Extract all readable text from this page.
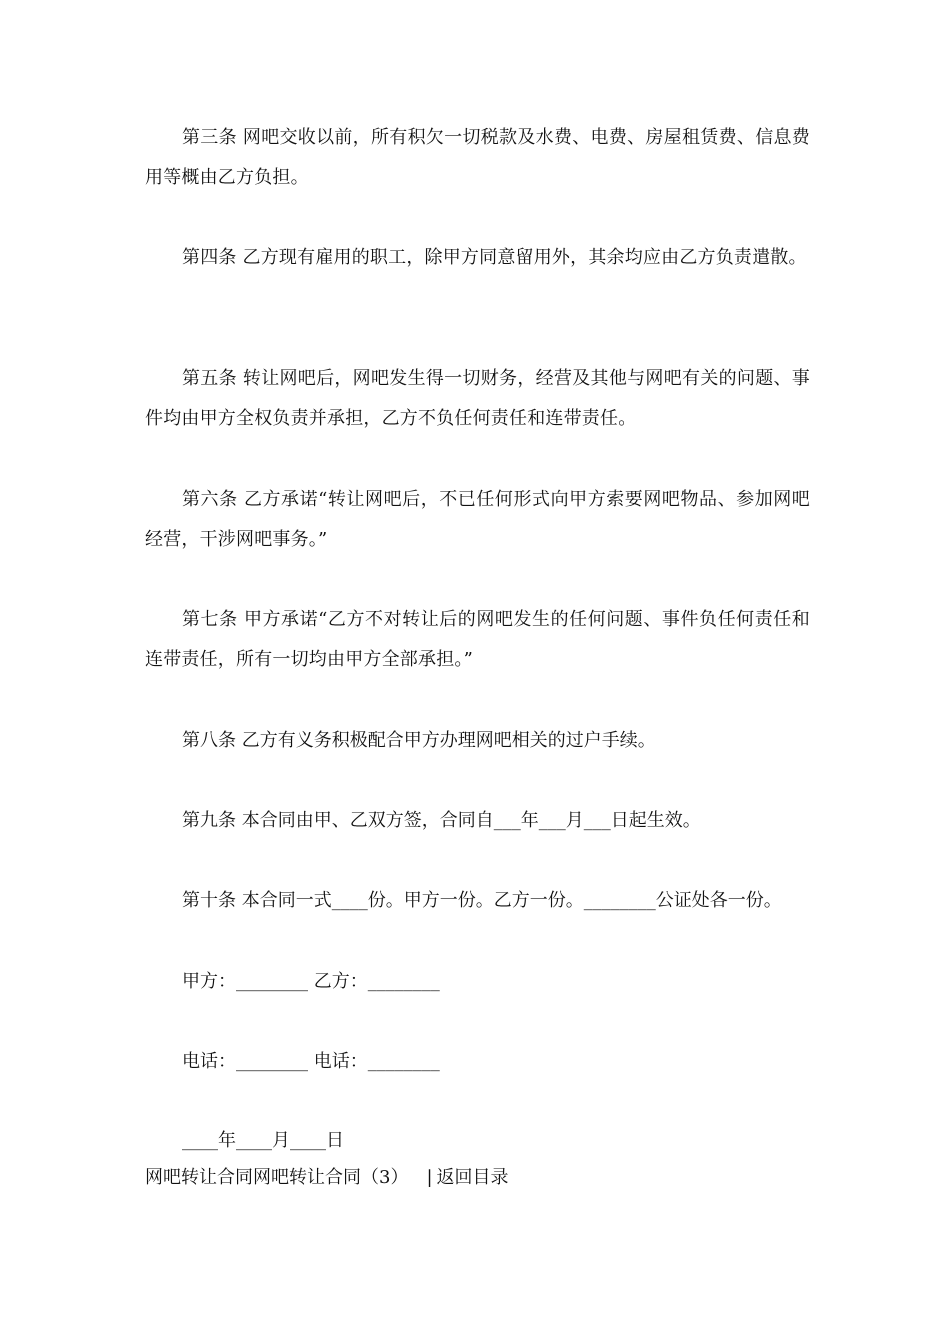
第三条 网吧交收以前，所有积欠一切税款及水费、电费、房屋租赁费、信息费用等概由乙方负担。

第四条 乙方现有雇用的职工，除甲方同意留用外，其余均应由乙方负责遣散。

第五条 转让网吧后，网吧发生得一切财务，经营及其他与网吧有关的问题、事件均由甲方全权负责并承担，乙方不负任何责任和连带责任。

第六条 乙方承诺“转让网吧后，不已任何形式向甲方索要网吧物品、参加网吧经营，干涉网吧事务。”

第七条 甲方承诺“乙方不对转让后的网吧发生的任何问题、事件负任何责任和连带责任，所有一切均由甲方全部承担。”

第八条 乙方有义务积极配合甲方办理网吧相关的过户手续。

第九条 本合同由甲、乙双方签，合同自___年___月___日起生效。

第十条 本合同一式____份。甲方一份。乙方一份。________公证处各一份。

甲方：________ 乙方：________

电话：________ 电话：________

____年____月____日

网吧转让合同网吧转让合同（3） | 返回目录
